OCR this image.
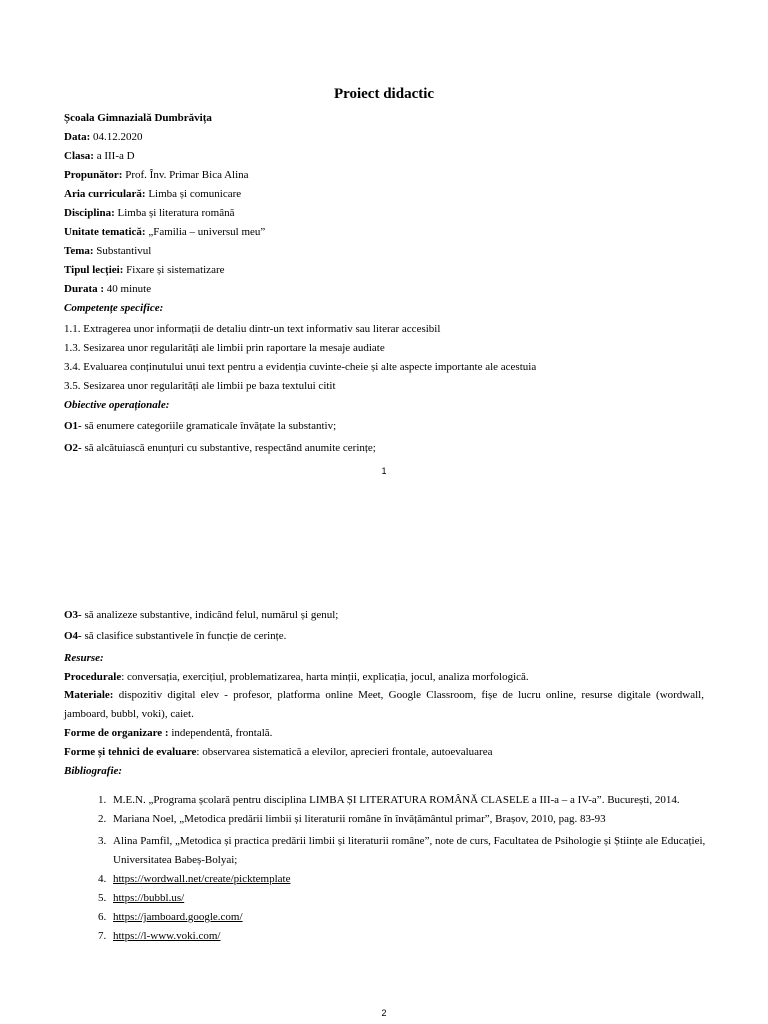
Proiect didactic
Școala Gimnazială Dumbrăvița
Data: 04.12.2020
Clasa: a III-a D
Propunător: Prof. Înv. Primar Bica Alina
Aria curriculară: Limba și comunicare
Disciplina: Limba și literatura română
Unitate tematică: „Familia – universul meu”
Tema: Substantivul
Tipul lecției: Fixare și sistematizare
Durata : 40 minute
Competențe specifice:
1.1. Extragerea unor informații de detaliu dintr-un text informativ sau literar accesibil
1.3. Sesizarea unor regularități ale limbii prin raportare la mesaje audiate
3.4. Evaluarea conținutului unui text pentru a evidenția cuvinte-cheie și alte aspecte importante ale acestuia
3.5. Sesizarea unor regularități ale limbii pe baza textului citit
Obiective operaționale:
O1- să enumere categoriile gramaticale învățate la substantiv;
O2- să alcătuiască enunțuri cu substantive, respectând anumite cerințe;
1
O3- să analizeze substantive, indicând felul, numărul și genul;
O4- să clasifice substantivele în funcție de cerințe.
Resurse:
Procedurale: conversația, exercițiul, problematizarea, harta minții, explicația, jocul, analiza morfologică.
Materiale: dispozitiv digital elev - profesor, platforma online Meet, Google Classroom, fișe de lucru online, resurse digitale (wordwall, jamboard, bubbl, voki), caiet.
Forme de organizare : independentă, frontală.
Forme și tehnici de evaluare: observarea sistematică a elevilor, aprecieri frontale, autoevaluarea
Bibliografie:
1. M.E.N. „Programa școlară pentru disciplina LIMBA ȘI LITERATURA ROMÂNĂ CLASELE a III-a – a IV-a”. București, 2014.
2. Mariana Noel, „Metodica predării limbii și literaturii române în învățământul primar”, Brașov, 2010, pag. 83-93
3. Alina Pamfil, „Metodica și practica predării limbii și literaturii române”, note de curs, Facultatea de Psihologie și Științe ale Educației, Universitatea Babeș-Bolyai;
4. https://wordwall.net/create/picktemplate
5. https://bubbl.us/
6. https://jamboard.google.com/
7. https://l-www.voki.com/
2
